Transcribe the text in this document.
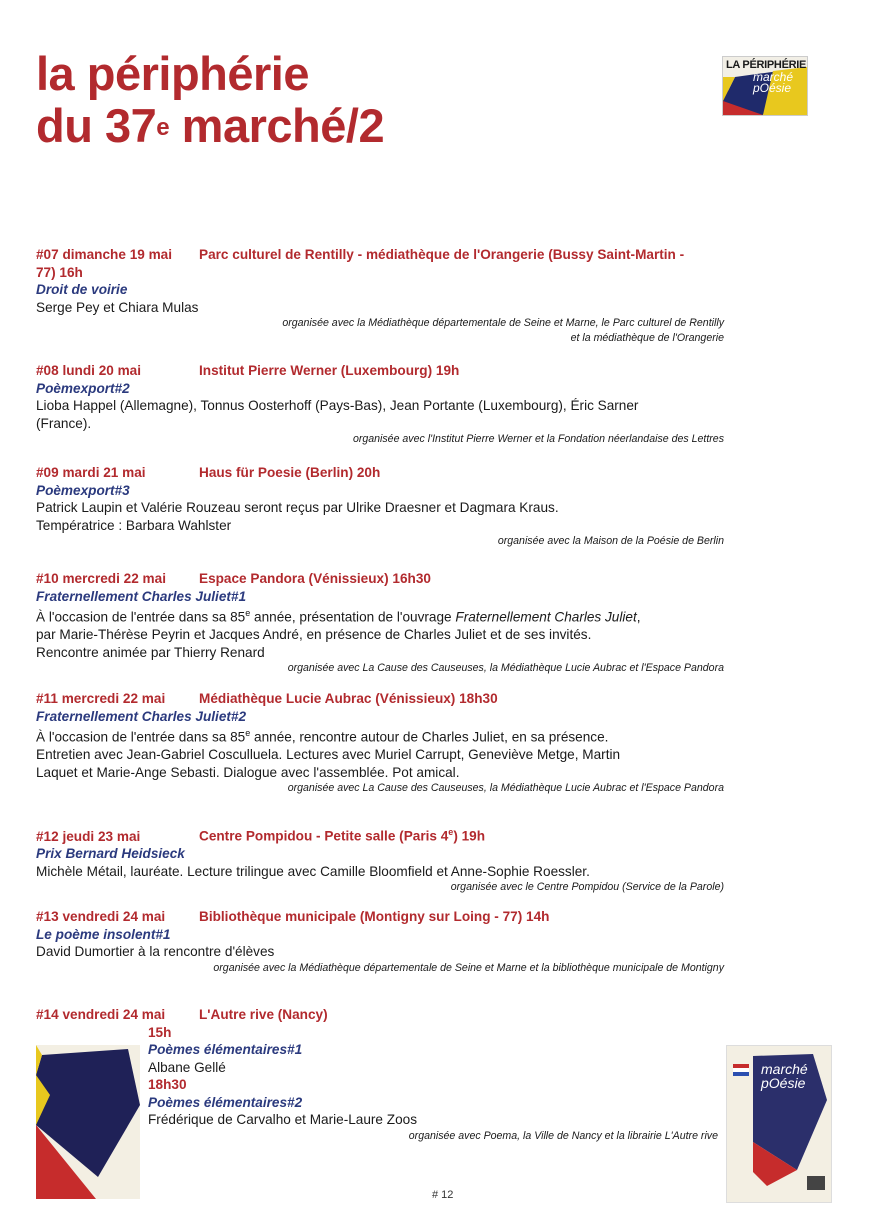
la périphérie
du 37e marché/2
LA PÉRIPHÉRIE
marché
pOésie
#07 dimanche 19 mai Parc culturel de Rentilly - médiathèque de l'Orangerie (Bussy Saint-Martin -
77) 16h
Droit de voirie

Serge Pey et Chiara Mulas

organisée avec la Médiathèque départementale de Seine et Marne, le Parc culturel de Rentilly
et la médiathèque de l'Orangerie
#08 lundi 20 mai	Institut Pierre Werner (Luxembourg) 19h
Poèmexport#2

Lioba Happel (Allemagne), Tonnus Oosterhoff (Pays-Bas), Jean Portante (Luxembourg), Éric Sarner
(France).

organisée avec l'Institut Pierre Werner et la Fondation néerlandaise des Lettres
#09 mardi 21 mai	Haus für Poesie (Berlin) 20h
Poèmexport#3

Patrick Laupin et Valérie Rouzeau seront reçus par Ulrike Draesner et Dagmara Kraus.
Températrice : Barbara Wahlster

organisée avec la Maison de la Poésie de Berlin
#10 mercredi 22 mai Espace Pandora (Vénissieux) 16h30
Fraternellement Charles Juliet#1

À l'occasion de l'entrée dans sa 85e année, présentation de l'ouvrage Fraternellement Charles Juliet,
par Marie-Thérèse Peyrin et Jacques André, en présence de Charles Juliet et de ses invités.
Rencontre animée par Thierry Renard

organisée avec La Cause des Causeuses, la Médiathèque Lucie Aubrac et l'Espace Pandora
#11 mercredi 22 mai Médiathèque Lucie Aubrac (Vénissieux) 18h30
Fraternellement Charles Juliet#2

À l'occasion de l'entrée dans sa 85e année, rencontre autour de Charles Juliet, en sa présence.
Entretien avec Jean-Gabriel Cosculluela. Lectures avec Muriel Carrupt, Geneviève Metge, Martin
Laquet et Marie-Ange Sebasti. Dialogue avec l'assemblée. Pot amical.

organisée avec La Cause des Causeuses, la Médiathèque Lucie Aubrac et l'Espace Pandora
#12 jeudi 23 mai	Centre Pompidou - Petite salle (Paris 4e) 19h
Prix Bernard Heidsieck

Michèle Métail, lauréate. Lecture trilingue avec Camille Bloomfield et Anne-Sophie Roessler.

organisée avec le Centre Pompidou (Service de la Parole)
#13 vendredi 24 mai Bibliothèque municipale (Montigny sur Loing - 77) 14h
Le poème insolent#1

David Dumortier à la rencontre d'élèves

organisée avec la Médiathèque départementale de Seine et Marne et la bibliothèque municipale de Montigny
#14 vendredi 24 mai L'Autre rive (Nancy)
15h
Poèmes élémentaires#1

Albane Gellé

18h30
Poèmes élémentaires#2

Frédérique de Carvalho et Marie-Laure Zoos

organisée avec Poema, la Ville de Nancy et la librairie L'Autre rive
marché
pOésie
# 12
